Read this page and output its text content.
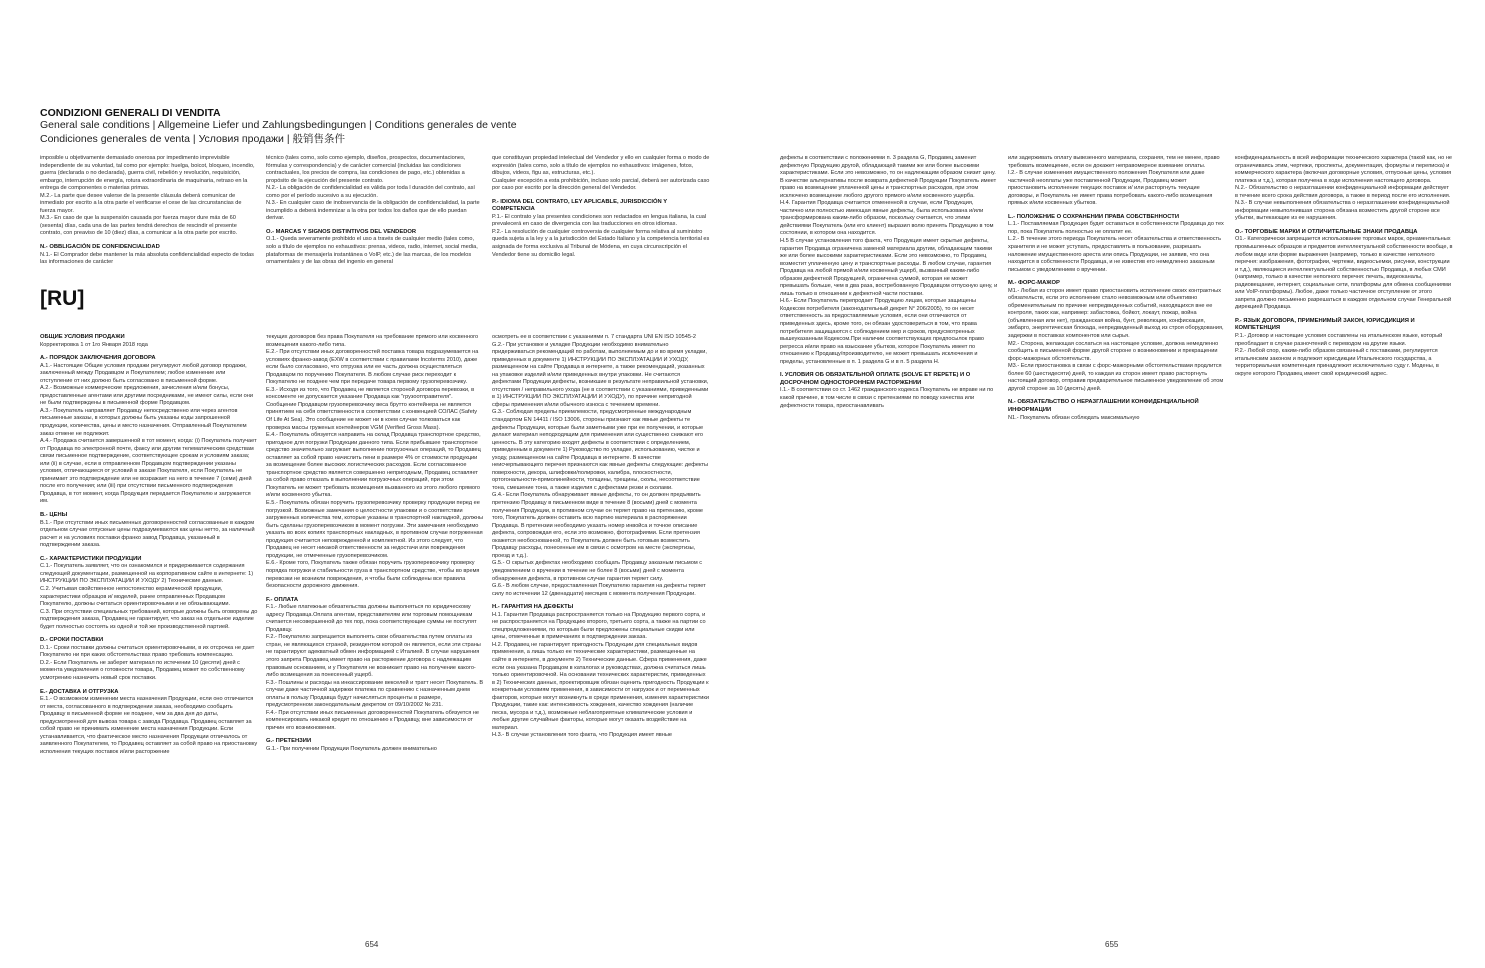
CONDIZIONI GENERALI DI VENDITA
General sale conditions | Allgemeine Liefer und Zahlungsbedingungen | Conditions generales de vente
Condiciones generales de venta | Условия продажи | 般销售条件

imposible u objetivamente demasiado onerosa por impedimento imprevisible independiente de su voluntad, tal como por ejemplo: huelga, boicot, bloqueo, incendio, guerra (declarada o no declarada), guerra civil, rebelión y revolución, requisición, embargo, interrupción de energía, rotura extraordinaria de maquinaria, retraso en la entrega de componentes o materias primas.
M.2.- La parte que desee valerse de la presente cláusula deberá comunicar de inmediato por escrito a la otra parte el verificarse el cese de las circunstancias de fuerza mayor.
M.3.- En caso de que la suspensión causada por fuerza mayor dure más de 60 (sesenta) días, cada una de las partes tendrá derechos de rescindir el presente contrato, con preaviso de 10 (diez) días, a comunicar a la otra parte por escrito.

N.- OBBLIGACIÓN DE CONFIDENCIALIDAD

N.1.- El Comprador debe mantener la más absoluta confidencialidad especto de todas las informaciones de carácter

técnico (tales como, solo como ejemplo, diseños, prospectos, documentaciones, fórmulas y correspondencia) y de carácter comercial (incluidas las condiciones contractuales, los precios de compra, las condiciones de pago, etc.) obtenidas a propósito de la ejecución del presente contrato.
N.2.- La obligación de confidencialidad es válida por toda l duración del contrato, así como por el período sucesivo a su ejecución.
N.3.- En cualquier caso de inobservancia de la obligación de confidencialidad, la parte incumplido a deberá indemnizar a la otra por todos los daños que de ello puedan derivar.

O.- MARCAS Y SIGNOS DISTINTIVOS DEL VENDEDOR

O.1.- Queda severamente prohibido el uso a través de cualquier medio (tales como, solo a título de ejemplos no exhaustivos: prensa, videos, radio, internet, social media, plataformas de mensajería instantánea o VoIP, etc.) de las marcas, de los modelos ornamentales y de las obras del ingenio en general

que constituyan propiedad intelectual del Vendedor y ello en cualquier forma o modo de expresión (tales como, solo a título de ejemplos no exhaustivos: imágenes, fotos, dibujos, videos, figu as, estructuras, etc.).
Cualquier excepción a esta prohibición, incluso solo parcial, deberá ser autorizada caso por caso por escrito por la dirección general del Vendedor.

P.- IDIOMA DEL CONTRATO, LEY APLICABLE, JURISDICCIÓN Y COMPETENCIA

P.1.- El contrato y las presentes condiciones son redactados en lengua italiana, la cual prevalecerá en caso de divergencia con las traducciones en otros idiomas.
P.2.- La resolución de cualquier controversia de cualquier forma relativa al suministro queda sujeta a la ley y a la jurisdicción del Estado Italiano y la competencia territorial es asignada de forma exclusiva al Tribunal de Módena, en cuya circunscripción el Vendedor tiene su domicilio legal.

[RU]
ОБЩИЕ УСЛОВИЯ ПРОДАЖИ

Корректировка 1 от 1го Января 2018 года

А.- ПОРЯДОК ЗАКЛЮЧЕНИЯ ДОГОВОРА

А.1.- Настоящие Общие условия продажи регулируют любой договор продажи, заключенный между Продавцом и Покупателем; любое изменение или отступление от них должно быть согласовано в письменной форме.
А.2.- Возможные коммерческие предложения, зачисления и/или бонусы, предоставленные агентами или другими посредниками, не имеют силы, если они не были подтверждены в письменной форме Продавцом.
А.3.- Покупатель направляет Продавцу непосредственно или через агентов письменные заказы, в которых должны быть указаны коды запрошенной продукции, количества, цены и место назначения. Отправленный Покупателем заказ отмене не подлежит.
А.4.- Продажа считается завершенной в тот момент, когда: (i) Покупатель получает от Продавца по электронной почте, факсу или другим телематическим средствам связи письменное подтверждение, соответствующее срокам и условиям заказа; или (ii) в случае, если в отправленном Продавцом подтверждении указаны условия, отличающиеся от условий в заказе Покупателя, если Покупатель не принимает это подтверждение или не возражает на него в течение 7 (семи) дней после его получения; или (iii) при отсутствии письменного подтверждения Продавца, в тот момент, когда Продукция передается Покупателю и загружается им.

B.- ЦЕНЫ

B.1.- При отсутствии иных письменных договоренностей согласованные в каждом отдельном случае отпускные цены подразумеваются как цены нетто, за наличный расчет и на условиях поставки франко завод Продавца, указанный в подтверждении заказа.

C.- ХАРАКТЕРИСТИКИ ПРОДУКЦИИ

C.1.- Покупатель заявляет, что он ознакомился и придерживается содержания следующей документации, размещенной на корпоративном сайте в интернете: 1) ИНСТРУКЦИИ ПО ЭКСПЛУАТАЦИИ И УХОДУ 2) Технические данные.
C.2. Учитывая свойственное непостоянство керамической продукции, характеристики образцов и/ моделей, ранее отправленных Продавцом Покупателю, должны считаться ориентировочными и не обязывающими.
C.3. При отсутствии специальных требований, которые должны быть оговорены до подтверждения заказа, Продавец не гарантирует, что заказ на отдельное изделие будет полностью состоять из одной и той же производственной партией.

D.- СРОКИ ПОСТАВКИ

D.1.- Сроки поставки должны считаться ориентировочными, в их отсрочка не дает Покупателю ни при каких обстоятельствах право требовать компенсацию.
D.2.- Если Покупатель не заберет материал по истечении 10 (десяти) дней с момента уведомления о готовности товара, Продавец может по собственному усмотрению назначить новый срок поставки.

E.- ДОСТАВКА И ОТГРУЗКА

E.1.- О возможном изменении места назначения Продукции, если оно отличается от места, согласованного в подтверждении заказа, необходимо сообщить Продавцу в письменной форме не позднее, чем за два дня до даты, предусмотренной для вывоза товара с завода Продавца. Продавец оставляет за собой право не принимать изменение места назначения Продукции. Если устанавливается, что фактическое место назначения Продукции отличалось от заявленного Покупателем, то Продавец оставляет за собой право на приостановку исполнения текущих поставок и/или расторжение

текущих договоров без права Покупателя на требование прямого или косвенного возмещения какого-либо типа.
E.2.- При отсутствии иных договоренностей поставка товара подразумевается на условиях франко-завод (EXW в соответствии с правилами Incoterms 2010), даже если было согласовано, что отгрузка или ее часть должна осуществляться Продавцом по поручению Покупателя. В любом случае риск переходит к Покупателю не позднее чем при передаче товара первому грузоперевозчику.
E.3.- Исходя из того, что Продавец не является стороной договора перевозки, в консоменте не допускается указание Продавца как "грузоотправителя". Сообщение Продавцом грузоперевозчику веса брутто контейнера не является принятием на себя ответственности в соответствии с конвенцией СОЛАС (Safety Of Life At Sea). Это сообщение не может ни в коем случае толковаться как проверка массы груженых контейнеров VGM (Verified Gross Mass).
E.4.- Покупатель обязуется направить на склад Продавца транспортное средство, пригодное для погрузки Продукции данного типа. Если прибывшее транспортное средство значительно загружает выполнение погрузочных операций, то Продавец оставляет за собой право начислить пени в размере 4% от стоимости продукции за возмещение более высоких логистических расходов. Если согласованное транспортное средство является совершенно непригодным, Продавец оставляет за собой право отказать в выполнении погрузочных операций, при этом Покупатель не может требовать возмещения вызванного из этого любого прямого и/или косвенного убытка.
E.5.- Покупатель обязан поручить грузоперевозчику проверку продукции перед ее погрузкой. Возможные замечания о целостности упаковки и о соответствии загруженных количества тем, которые указаны в транспортной накладной, должны быть сделаны грузоперевозчиком в момент погрузки. Эти замечания необходимо указать во всех копиях транспортных накладных, в противном случае погруженная продукция считается неповрежденной и комплектной. Из этого следует, что Продавец не несет никакой ответственности за недостачи или повреждения продукции, не отмеченные грузоперевозчиком.
E.6.- Кроме того, Покупатель также обязан поручить грузоперевозчику проверку порядка погрузки и стабильности груза в транспортном средстве, чтобы во время перевозки не возникли повреждения, и чтобы были соблюдены все правила безопасности дорожного движения.

F.- ОПЛАТА

F.1.- Любые платежные обязательства должны выполняться по юридическому адресу Продавца.Оплата агентам, представителям или торговым помощникам считается несовершенной до тех пор, пока соответствующие суммы не поступят Продавцу.
F.2.- Покупателю запрещается выполнять свои обязательства путем оплаты из стран, не являющихся страной, резидентом которой он является, если эти страны не гарантируют адекватный обмен информацией с Италией. В случае нарушения этого запрета Продавец имеет право на расторжение договора с надлежащим правовым основанием, и у Покупателя не возникает право на получение какого-либо возмещения за понесенный ущерб.
F.3.- Пошлины и расходы на инкассирование векселей и тратт несет Покупатель. В случае даже частичной задержки платежа по сравнению с назначенным днем оплаты в пользу Продавца будут начисляться проценты в размере, предусмотренном законодательным декретом от 09/10/2002 № 231.
F.4.- При отсутствии иных письменных договоренностей Покупатель обязуется не компенсировать никакой кредит по отношению к Продавцу, вне зависимости от причин его возникновения.

G.- ПРЕТЕНЗИИ

G.1.- При получении Продукции Покупатель должен внимательно

осмотреть ее в соответствии с указаниями п. 7 стандарта UNI EN ISO 10545-2
G.2.- При установке и укладке Продукции необходимо внимательно придерживаться рекомендаций по работам, выполняемым до и во время укладки, приведенных в документе 1) ИНСТРУКЦИИ ПО ЭКСПЛУАТАЦИИ И УХОДУ, размещенном на сайте Продавца в интернете, а также рекомендаций, указанных на упаковке изделий и/или приведенных внутри упаковки. Не считаются дефектами Продукции дефекты, возникшие в результате неправильной установки, отсутствия / неправильного ухода (не в соответствии с указаниями, приведенными в 1) ИНСТРУКЦИИ ПО ЭКСПЛУАТАЦИИ И УХОДУ), по причине непригодной сферы применения и/или обычного износа с течением времени.
G.3.- Соблюдая пределы приемлемости, предусмотренные международным стандартом EN 14411 / ISO 13006, стороны признают как явные дефекты те дефекты Продукции, которые были заметными уже при ее получении, и которые делают материал неподходящим для применения или существенно снижают его ценность. В эту категорию входят дефекты в соответствии с определением, приведенным в документе 1) Руководство по укладке, использованию, чистке и уходу, размещенном на сайте Продавца в интернете. В качестве неисчерпывающего перечня признаются как явные дефекты следующие: дефекты поверхности, декора, шлифовки/полировки, калибра, плоскостности, ортогональности-прямолинейности, толщины, трещины, сколы, несоответствие тона, смешение тона, а также изделия с дефектами резки и сколами.
G.4.- Если Покупатель обнаруживает явные дефекты, то он должен предъявить претензию Продавцу в письменном виде в течение 8 (восьми) дней с момента получения Продукции, в противном случае он теряет право на претензию, кроме того, Покупатель должен оставить всю партию материала в распоряжении Продавца. В претензии необходимо указать номер инвойса и точное описание дефекта, сопровождая его, если это возможно, фотографиями. Если претензия окажется необоснованной, то Покупатель должен быть готовым возместить Продавцу расходы, понесенные им в связи с осмотром на месте (экспертизы, проезд и т.д.).
G.5.- О скрытых дефектах необходимо сообщать Продавцу заказным письмом с уведомлением о вручении в течение не более 8 (восьми) дней с момента обнаружения дефекта, в противном случае гарантия теряет силу.
G.6.- В любом случае, предоставленная Покупателю гарантия на дефекты теряет силу по истечении 12 (двенадцати) месяцев с момента получения Продукции.

H.- ГАРАНТИЯ НА ДЕФЕКТЫ

H.1. Гарантия Продавца распространяется только на Продукцию первого сорта, и не распространяется на Продукцию второго, третьего сорта, а также на партии со спецпредложениями, по которым были предложены специальные скидки или цены, отмеченные в примечаниях в подтверждении заказа.
H.2. Продавец не гарантирует пригодность Продукции для специальных видов применения, а лишь только ее технические характеристики, размещенные на сайте в интернете, в документе 2) Технические данные. Сфера применения, даже если она указана Продавцом в каталогах и руководствах, должна считаться лишь только ориентировочной. На основании технических характеристик, приведенных в 2) Технических данных, проектировщик обязан оценить пригодность Продукции к конкретным условиям применения, в зависимости от нагрузок и от переменных факторов, которые могут возникнуть в среде применения, изменяя характеристики Продукции, такие как: интенсивность хождения, качество хождения (наличие песка, мусора и т.д.), возможные неблагоприятные климатические условия и любые другие случайные факторы, которые могут оказать воздействие на материал.
H.3.- В случае установления того факта, что Продукция имеет явные

дефекты в соответствии с положениями п. 3 раздела G, Продавец заменит дефектную Продукцию другой, обладающей такими же или более высокими характеристиками. Если это невозможно, то он надлежащим образом снизит цену. В качестве альтернативы после возврата дефектной Продукции Покупатель имеет право на возмещение уплаченной цены и транспортных расходов, при этом исключено возмещение любого другого прямого и/или косвенного ущерба.
H.4. Гарантия Продавца считается отмененной в случае, если Продукция, частично или полностью имеющая явные дефекты, была использована и/или трансформирована каким-либо образом, поскольку считается, что этими действиями Покупатель (или его клиент) выразил волю принять Продукцию в том состоянии, в котором она находится.
H.5 В случае установления того факта, что Продукция имеет скрытые дефекты, гарантия Продавца ограничена заменой материала другим, обладающим такими же или более высокими характеристиками. Если это невозможно, то Продавец возместит уплаченную цену и транспортные расходы. В любом случае, гарантия Продавца на любой прямой и/или косвенный ущерб, вызванный каким-либо образом дефектной Продукцией, ограничена суммой, которая не может превышать больше, чем в два раза, востребованную Продавцом отпускную цену, и лишь только в отношении к дефектной части поставки.
H.6.- Если Покупатель перепродает Продукцию лицам, которые защищены Кодексом потребителя (законодательный декрет N° 206/2005), то он несет ответственность за предоставляемые условия, если они отличаются от приведенных здесь, кроме того, он обязан удостовериться в том, что права потребителя защищаются с соблюдением мер и сроков, предусмотренных вышеуказанным Кодексом.При наличии соответствующих предпосылок право регресса и/или право на взыскание убытков, которое Покупатель имеет по отношению к Продавцу/производителю, не может превышать исключения и пределы, установленные в п. 1 раздела G и в п. 5 раздела H.

I. УСЛОВИЯ ОБ ОБЯЗАТЕЛЬНОЙ ОПЛАТЕ (SOLVE ET REPETE) И О ДОСРОЧНОМ ОДНОСТОРОННЕМ РАСТОРЖЕНИИ

I.1.- В соответствии со ст. 1462 гражданского кодекса Покупатель не вправе ни по какой причине, в том числе в связи с претензиями по поводу качества или дефектности товара, приостанавливать

или задерживать оплату вывезенного материала, сохраняя, тем не менее, право требовать возмещение, если он докажет неправомерное взимание оплаты.
I.2.- В случае изменения имущественного положения Покупателя или даже частичной неоплаты уже поставленной Продукции, Продавец может приостановить исполнение текущих поставок и/ или расторгнуть текущие договоры, и Покупатель не имеет права потребовать какого-либо возмещения прямых и/или косвенных убытков.

L.- ПОЛОЖЕНИЕ О СОХРАНЕНИИ ПРАВА СОБСТВЕННОСТИ

L.1.- Поставляемая Продукция будет оставаться в собственности Продавца до тех пор, пока Покупатель полностью не оплатит ее.
L.2.- В течение этого периода Покупатель несет обязательства и ответственность хранителя и не может уступать, предоставлять в пользование, разрешать наложение имущественного ареста или опись Продукции, не заявив, что она находится в собственности Продавца, и не известив его немедленно заказным письмом с уведомлением о вручении.

M.- ФОРС-МАЖОР

M1.- Любая из сторон имеет право приостановить исполнение своих контрактных обязательств, если это исполнение стало невозможным или объективно обременительным по причине непредвиденных событий, находящихся вне ее контроля, таких как, например: забастовка, бойкот, локаут, пожар, война (объявленная или нет), гражданская война, бунт, революция, конфискация, эмбарго, энергетическая блокада, непредвиденный выход из строя оборудования, задержки в поставках компонентов или сырья.
M2.- Сторона, желающая сослаться на настоящее условие, должна немедленно сообщить в письменной форме другой стороне о возникновении и прекращении форс-мажорных обстоятельств.
M3.- Если приостановка в связи с форс-мажорными обстоятельствами продлится более 60 (шестидесяти) дней, то каждая из сторон имеет право расторгнуть настоящий договор, отправив предварительное письменное уведомление об этом другой стороне за 10 (десять) дней.

N.- ОБЯЗАТЕЛЬСТВО О НЕРАЗГЛАШЕНИИ КОНФИДЕНЦИАЛЬНОЙ ИНФОРМАЦИИ

N1.- Покупатель обязан соблюдать максимальную

конфиденциальность в всей информации технического характера (такой как, но не ограничиваясь этим, чертежи, проспекты, документация, формулы и переписка) и коммерческого характера (включая договорные условия, отпускные цены, условия платежа и т.д.), которая получена в ходе исполнения настоящего договора.
N.2.- Обязательство о неразглашении конфиденциальной информации действует в течение всего срока действия договора, а также в период после его исполнения.
N.3.- В случае невыполнения обязательства о неразглашении конфиденциальной информации невыполнившая сторона обязана возместить другой стороне все убытки, вытекающие из ее нарушения.

O.- ТОРГОВЫЕ МАРКИ И ОТЛИЧИТЕЛЬНЫЕ ЗНАКИ ПРОДАВЦА

O1.- Категорически запрещается использование торговых марок, орнаментальных промышленных образцов и предметов интеллектуальной собственности вообще, в любом виде или форме выражения (например, только в качестве неполного перечня: изображения, фотографии, чертежи, видеосъемки, рисунки, конструкции и т.д.), являющиеся интеллектуальной собственностью Продавца, в любых СМИ (например, только в качестве неполного перечня: печать, видеоканалы, радиовещание, интернет, социальные сети, платформы для обмена сообщениями или VoIP-платформы). Любое, даже только частичное отступление от этого запрета должно письменно разрешаться в каждом отдельном случае Генеральной дирекцией Продавца.

P.- ЯЗЫК ДОГОВОРА, ПРИМЕНИМЫЙ ЗАКОН, ЮРИСДИКЦИЯ И КОМПЕТЕНЦИЯ

P.1.- Договор и настоящие условия составлены на итальянском языке, который преобладает в случае разночтений с переводом на другие языки.
P.2.- Любой спор, каким-либо образом связанный с поставками, регулируется итальянским законом и подлежит юрисдикции Итальянского государства, а территориальная компетенция принадлежит исключительно суду г. Модены, в округе которого Продавец имеет свой юридический адрес.

654	655
